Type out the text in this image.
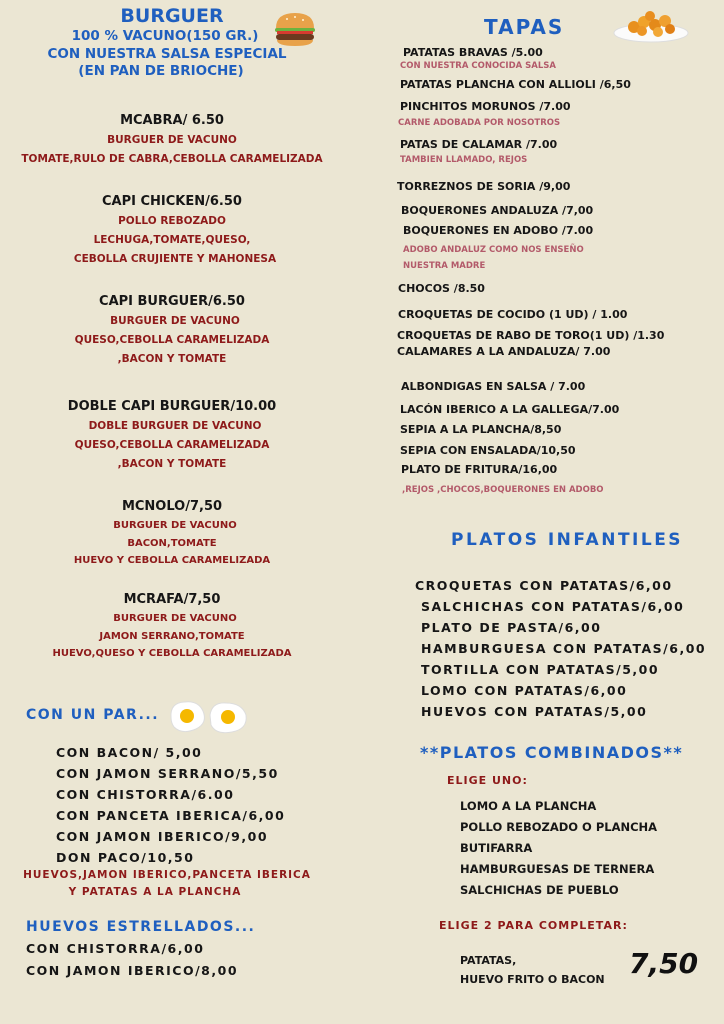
BURGUER
100 % VACUNO(150 GR.)
CON NUESTRA SALSA ESPECIAL
(EN PAN DE BRIOCHE)
MCABRA/ 6.50
BURGUER DE VACUNO
TOMATE,RULO DE CABRA,CEBOLLA CARAMELIZADA
CAPI CHICKEN/6.50
POLLO REBOZADO
LECHUGA,TOMATE,QUESO,
CEBOLLA CRUJIENTE Y MAHONESA
CAPI BURGUER/6.50
BURGUER DE VACUNO
QUESO,CEBOLLA CARAMELIZADA
,BACON Y TOMATE
DOBLE CAPI BURGUER/10.00
DOBLE BURGUER DE VACUNO
QUESO,CEBOLLA CARAMELIZADA
,BACON Y TOMATE
MCNOLO/7,50
BURGUER DE VACUNO
BACON,TOMATE
HUEVO Y CEBOLLA CARAMELIZADA
MCRAFA/7,50
BURGUER DE VACUNO
JAMON SERRANO,TOMATE
HUEVO,QUESO Y CEBOLLA CARAMELIZADA
CON UN PAR...
CON BACON/ 5,00
CON JAMON SERRANO/5,50
CON CHISTORRA/6.00
CON PANCETA IBERICA/6,00
CON JAMON IBERICO/9,00
DON PACO/10,50
HUEVOS,JAMON IBERICO,PANCETA IBERICA
Y PATATAS A LA PLANCHA
HUEVOS ESTRELLADOS...
CON CHISTORRA/6,00
CON JAMON IBERICO/8,00
TAPAS
PATATAS BRAVAS /5.00
CON NUESTRA CONOCIDA SALSA
PATATAS PLANCHA CON ALLIOLI /6,50
PINCHITOS MORUNOS /7.00
CARNE ADOBADA POR NOSOTROS
PATAS DE CALAMAR /7.00
TAMBIEN LLAMADO, REJOS
TORREZNOS DE SORIA /9,00
BOQUERONES ANDALUZA /7,00
BOQUERONES EN ADOBO /7.00
ADOBO ANDALUZ COMO NOS ENSEÑO
NUESTRA MADRE
CHOCOS /8.50
CROQUETAS DE COCIDO (1 UD) / 1.00
CROQUETAS DE RABO DE TORO(1 UD) /1.30
CALAMARES A LA ANDALUZA/ 7.00
ALBONDIGAS EN SALSA / 7.00
LACÓN IBERICO A LA GALLEGA/7.00
SEPIA A LA PLANCHA/8,50
SEPIA CON ENSALADA/10,50
PLATO DE FRITURA/16,00
,REJOS ,CHOCOS,BOQUERONES EN ADOBO
PLATOS INFANTILES
CROQUETAS CON PATATAS/6,00
SALCHICHAS CON PATATAS/6,00
PLATO DE PASTA/6,00
HAMBURGUESA CON PATATAS/6,00
TORTILLA CON PATATAS/5,00
LOMO CON PATATAS/6,00
HUEVOS CON PATATAS/5,00
**PLATOS COMBINADOS**
ELIGE UNO:
LOMO A LA PLANCHA
POLLO REBOZADO O PLANCHA
BUTIFARRA
HAMBURGUESAS DE TERNERA
SALCHICHAS DE PUEBLO
ELIGE 2 PARA COMPLETAR:
PATATAS,
HUEVO FRITO O BACON 7,50
